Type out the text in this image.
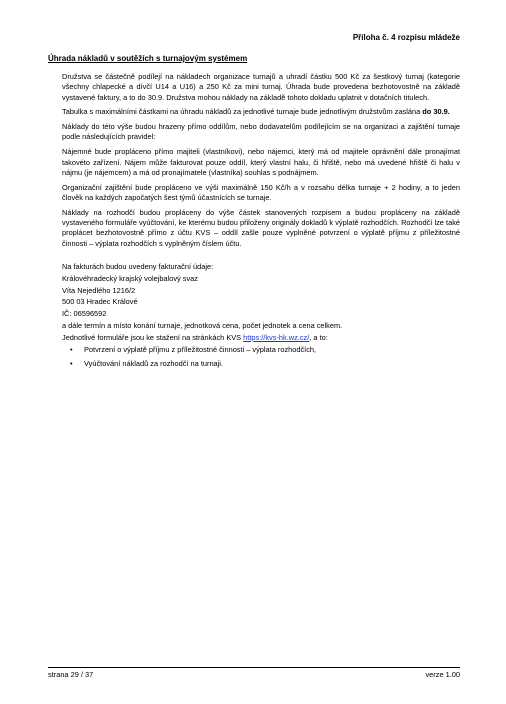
Příloha č. 4 rozpisu mládeže
Úhrada nákladů v soutěžích s turnajovým systémem

Družstva se částečně podílejí na nákladech organizace turnajů a uhradí částku 500 Kč za šestkový turnaj (kategorie všechny chlapecké a dívčí U14 a U16) a 250 Kč za mini turnaj. Úhrada bude provedena bezhotovostně na základě vystavené faktury, a to do 30.9. Družstva mohou náklady na základě tohoto dokladu uplatnit v dotačních titulech.

Tabulka s maximálními částkami na úhradu nákladů za jednotlivé turnaje bude jednotlivým družstvům zaslána do 30.9.

Náklady do této výše budou hrazeny přímo oddílům, nebo dodavatelům podílejícím se na organizaci a zajištění turnaje podle následujících pravidel:

Nájemné bude propláceno přímo majiteli (vlastníkovi), nebo nájemci, který má od majitele oprávnění dále pronajímat takovéto zařízení. Nájem může fakturovat pouze oddíl, který vlastní halu, či hřiště, nebo má uvedené hřiště či halu v nájmu (je nájemcem) a má od pronajímatele (vlastníka) souhlas s podnájmem.

Organizační zajištění bude propláceno ve výši maximálně 150 Kč/h a v rozsahu délka turnaje + 2 hodiny, a to jeden člověk na každých započatých šest týmů účastnících se turnaje.

Náklady na rozhodčí budou propláceny do výše částek stanovených rozpisem a budou propláceny na základě vystaveného formuláře vyúčtování, ke kterému budou přiloženy originály dokladů k výplatě rozhodčích. Rozhodčí lze také proplácet bezhotovostně přímo z účtu KVS – oddíl zašle pouze vyplněné potvrzení o výplatě příjmu z příležitostné činnosti – výplata rozhodčích s vyplněným číslem účtu.

Na fakturách budou uvedeny fakturační údaje:

Královéhradecký krajský volejbalový svaz

Víta Nejedlého 1216/2

500 03 Hradec Králové

IČ: 06596592

a dále termín a místo konání turnaje, jednotková cena, počet jednotek a cena celkem.

Jednotlivé formuláře jsou ke stažení na stránkách KVS https://kvs-hk.wz.cz/, a to:

• Potvrzení o výplatě příjmu z příležitostné činnosti – výplata rozhodčích,
• Vyúčtování nákladů za rozhodčí na turnaji.
strana 29 / 37	verze 1.00
